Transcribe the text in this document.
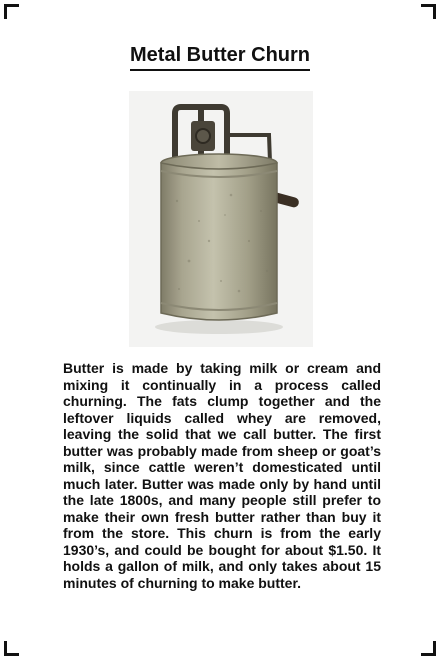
Metal Butter Churn

Butter is made by taking milk or cream and mixing it continually in a process called churning. The fats clump together and the leftover liquids called whey are removed, leaving the solid that we call butter. The first butter was probably made from sheep or goat’s milk, since cattle weren’t domesticated until much later. Butter was made only by hand until the late 1800s, and many people still prefer to make their own fresh butter rather than buy it from the store. This churn is from the early 1930’s, and could be bought for about $1.50. It holds a gallon of milk, and only takes about 15 minutes of churning to make butter.
